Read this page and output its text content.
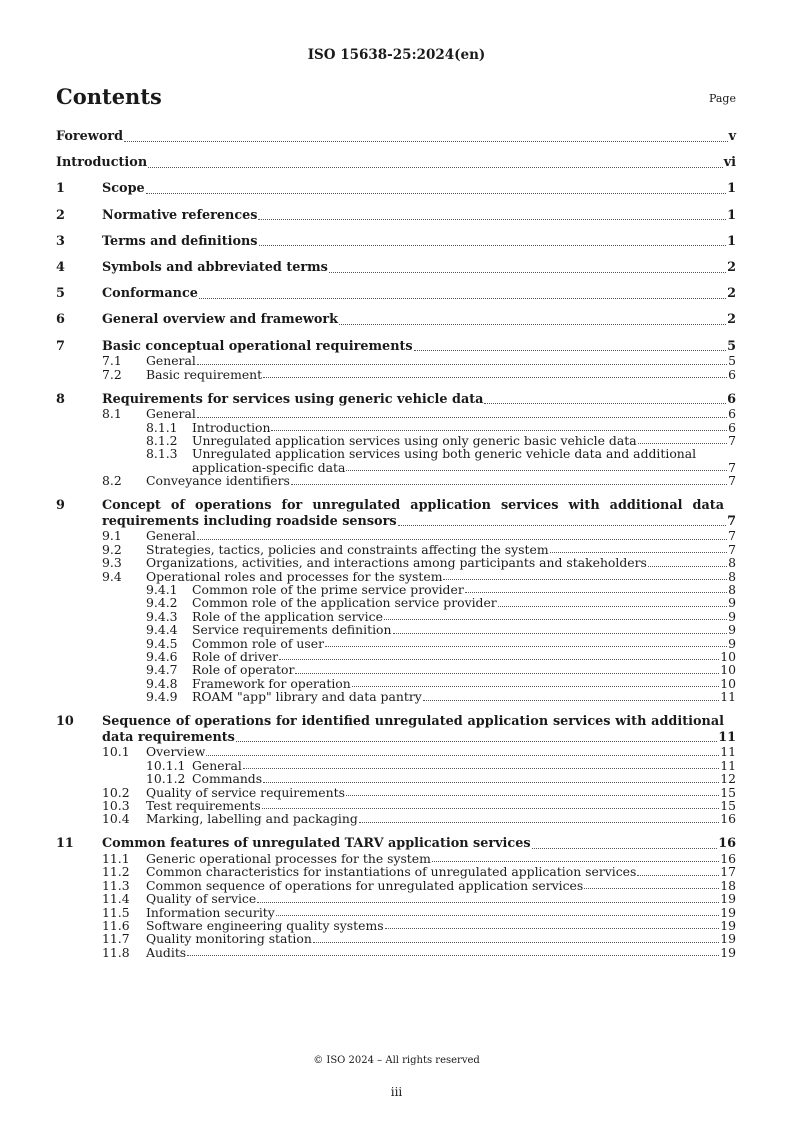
ISO 15638-25:2024(en)
Contents	Page
Foreword	v
Introduction	vi
1	Scope	1
2	Normative references	1
3	Terms and definitions	1
4	Symbols and abbreviated terms	2
5	Conformance	2
6	General overview and framework	2
7	Basic conceptual operational requirements	5
7.1 General	5
7.2 Basic requirement	6
8	Requirements for services using generic vehicle data	6
8.1 General	6
8.1.1 Introduction	6
8.1.2 Unregulated application services using only generic basic vehicle data	7
8.1.3 Unregulated application services using both generic vehicle data and additional
application-specific data	7
8.2 Conveyance identifiers	7
9	Concept of operations for unregulated application services with additional data
requirements including roadside sensors	7
9.1 General	7
9.2 Strategies, tactics, policies and constraints affecting the system	7
9.3 Organizations, activities, and interactions among participants and stakeholders	8
9.4 Operational roles and processes for the system	8
9.4.1 Common role of the prime service provider	8
9.4.2 Common role of the application service provider	9
9.4.3 Role of the application service	9
9.4.4 Service requirements definition	9
9.4.5 Common role of user	9
9.4.6 Role of driver	10
9.4.7 Role of operator	10
9.4.8 Framework for operation	10
9.4.9 ROAM "app" library and data pantry	11
10 Sequence of operations for identified unregulated application services with additional
data requirements	11
10.1 Overview	11
10.1.1 General	11
10.1.2 Commands	12
10.2 Quality of service requirements	15
10.3 Test requirements	15
10.4 Marking, labelling and packaging	16
11 Common features of unregulated TARV application services	16
11.1 Generic operational processes for the system	16
11.2 Common characteristics for instantiations of unregulated application services	17
11.3 Common sequence of operations for unregulated application services	18
11.4 Quality of service	19
11.5 Information security	19
11.6 Software engineering quality systems	19
11.7 Quality monitoring station	19
11.8 Audits	19
© ISO 2024 – All rights reserved
iii
